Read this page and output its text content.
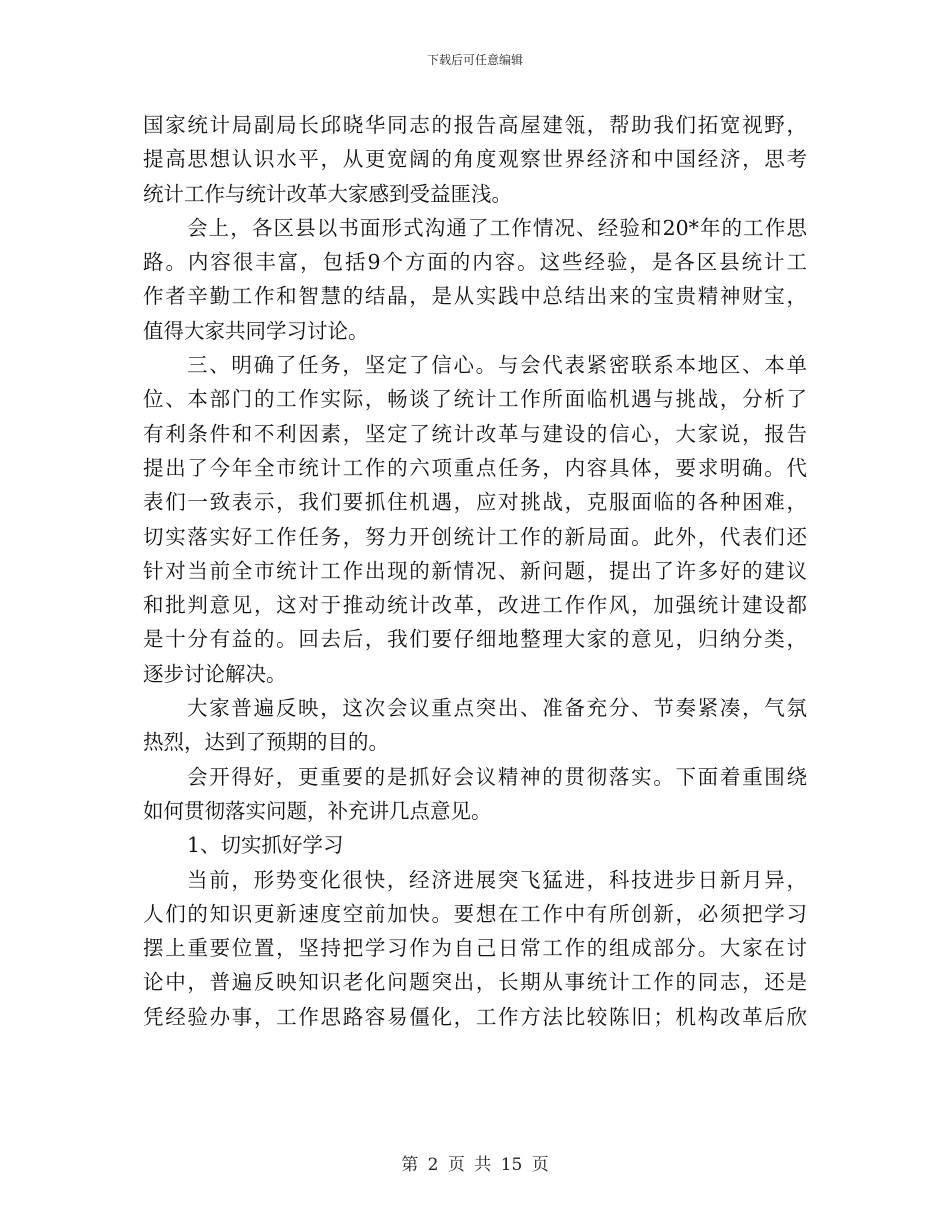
下载后可任意编辑
国家统计局副局长邱晓华同志的报告高屋建瓴，帮助我们拓宽视野，
提高思想认识水平，从更宽阔的角度观察世界经济和中国经济，思考
统计工作与统计改革大家感到受益匪浅。
会上，各区县以书面形式沟通了工作情况、经验和20*年的工作思
路。内容很丰富，包括9个方面的内容。这些经验，是各区县统计工
作者辛勤工作和智慧的结晶，是从实践中总结出来的宝贵精神财宝，
值得大家共同学习讨论。
三、明确了任务，坚定了信心。与会代表紧密联系本地区、本单
位、本部门的工作实际，畅谈了统计工作所面临机遇与挑战，分析了
有利条件和不利因素，坚定了统计改革与建设的信心，大家说，报告
提出了今年全市统计工作的六项重点任务，内容具体，要求明确。代
表们一致表示，我们要抓住机遇，应对挑战，克服面临的各种困难，
切实落实好工作任务，努力开创统计工作的新局面。此外，代表们还
针对当前全市统计工作出现的新情况、新问题，提出了许多好的建议
和批判意见，这对于推动统计改革，改进工作作风，加强统计建设都
是十分有益的。回去后，我们要仔细地整理大家的意见，归纳分类，
逐步讨论解决。
大家普遍反映，这次会议重点突出、准备充分、节奏紧凑，气氛
热烈，达到了预期的目的。
会开得好，更重要的是抓好会议精神的贯彻落实。下面着重围绕
如何贯彻落实问题，补充讲几点意见。
1、切实抓好学习
当前，形势变化很快，经济进展突飞猛进，科技进步日新月异，
人们的知识更新速度空前加快。要想在工作中有所创新，必须把学习
摆上重要位置，坚持把学习作为自己日常工作的组成部分。大家在讨
论中，普遍反映知识老化问题突出，长期从事统计工作的同志，还是
凭经验办事，工作思路容易僵化，工作方法比较陈旧；机构改革后欣
第 2 页 共 15 页
